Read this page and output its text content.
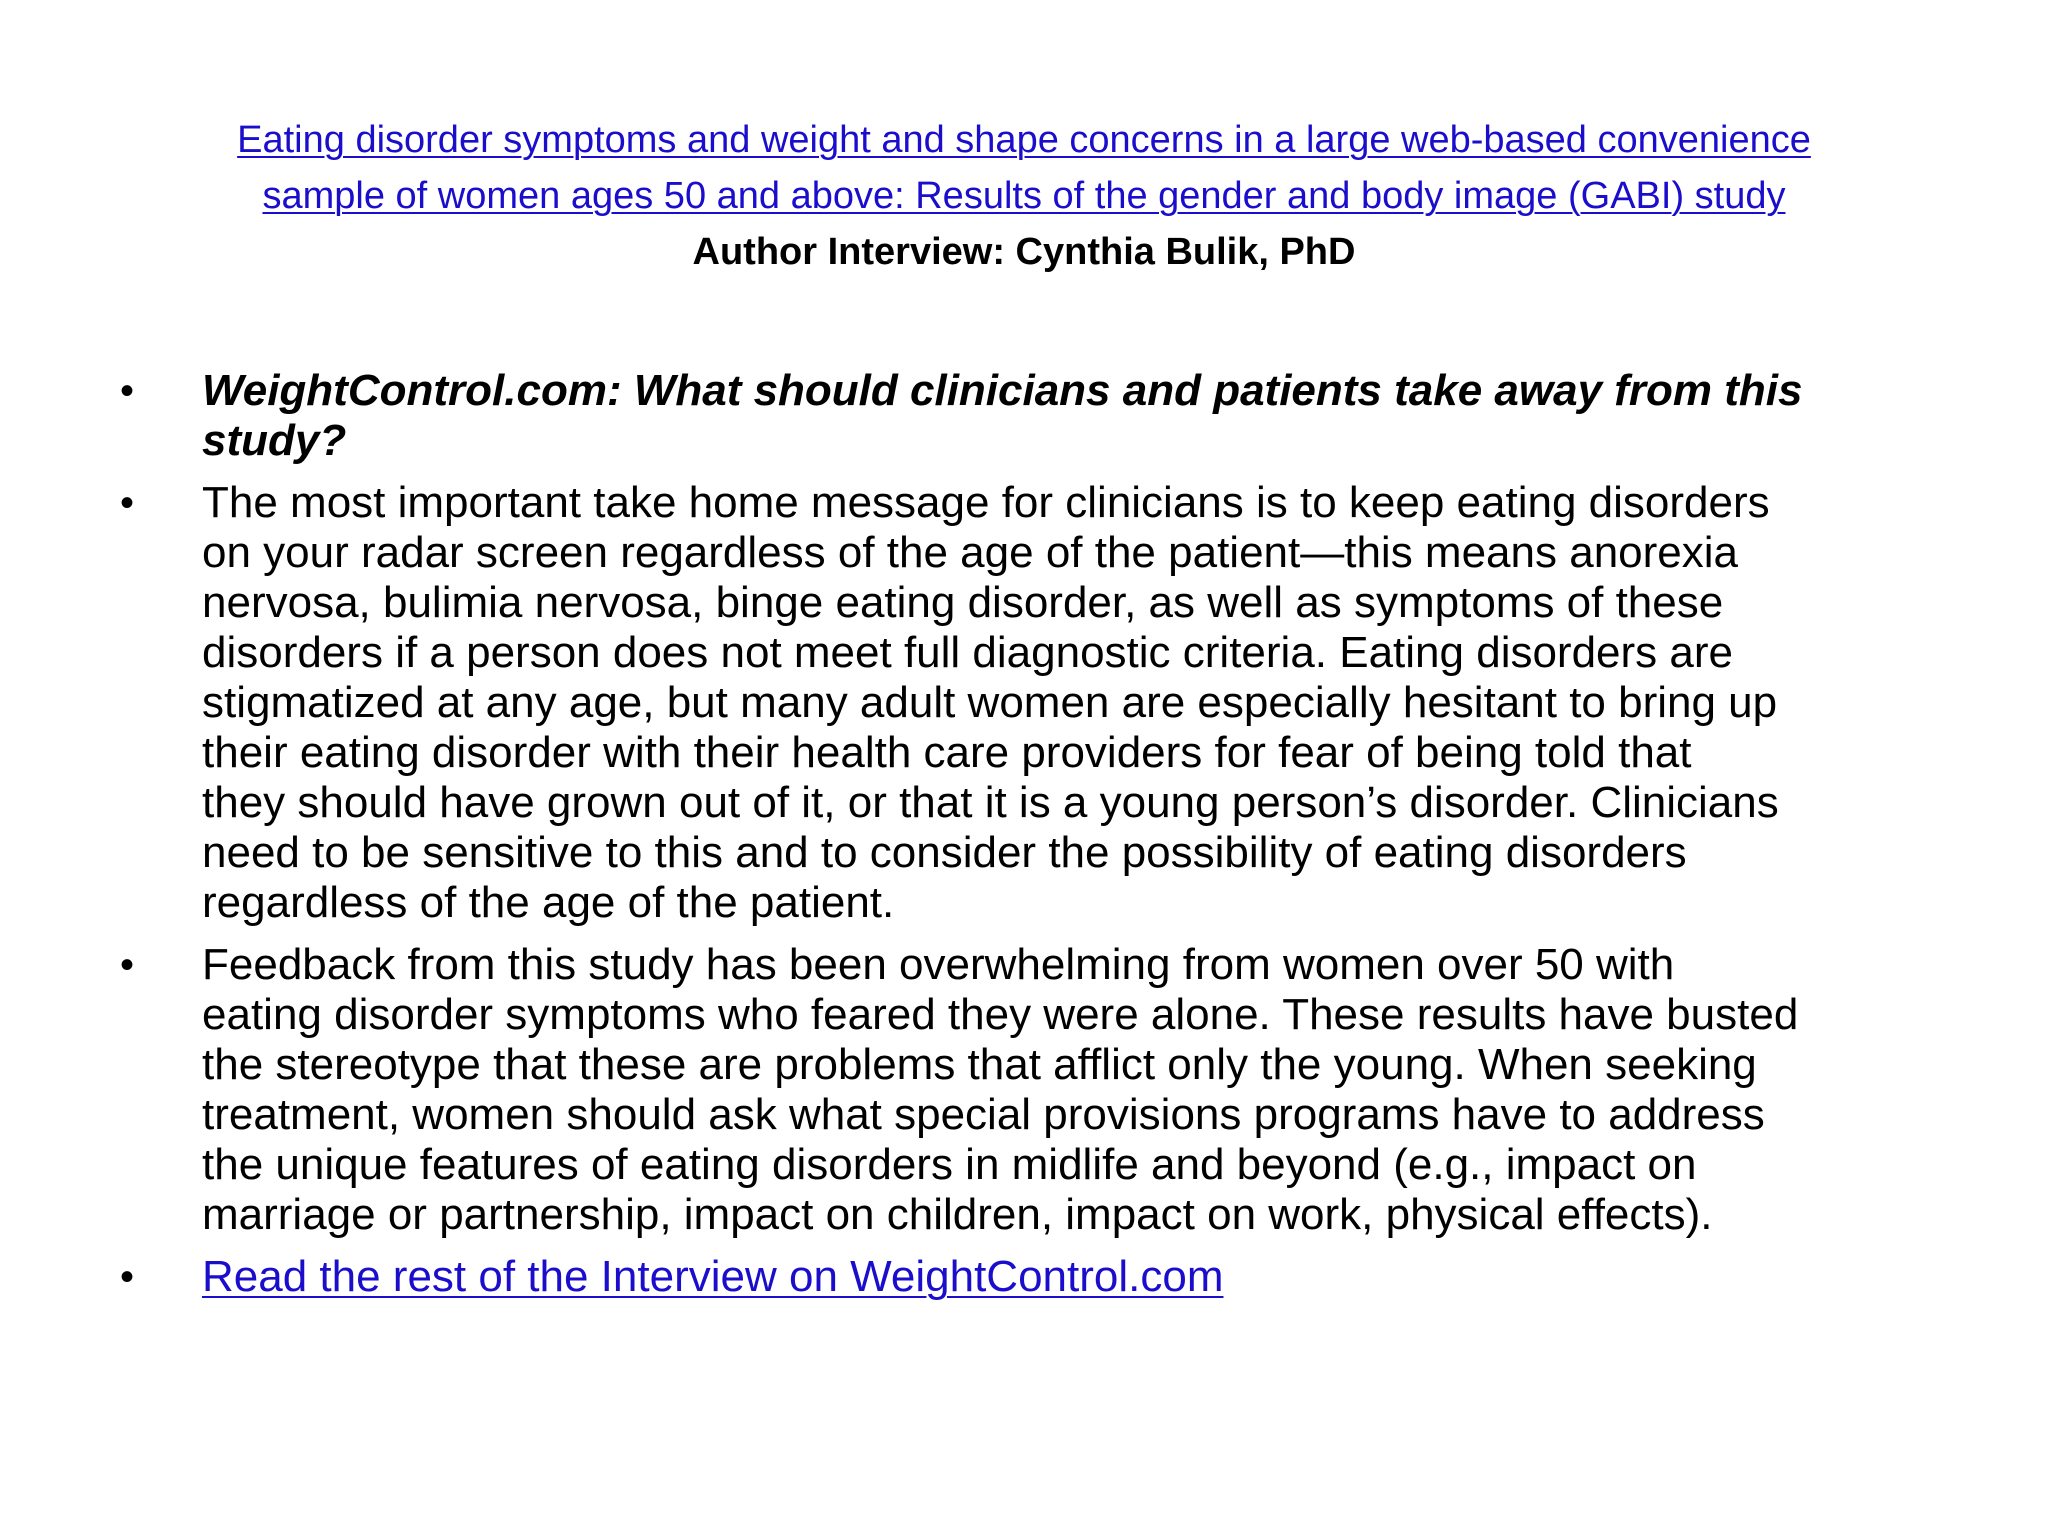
Eating disorder symptoms and weight and shape concerns in a large web-based convenience
sample of women ages 50 and above: Results of the gender and body image (GABI) study
Author Interview: Cynthia Bulik, PhD
• WeightControl.com: What should clinicians and patients take away from this
study?
• The most important take home message for clinicians is to keep eating disorders
on your radar screen regardless of the age of the patient—this means anorexia
nervosa, bulimia nervosa, binge eating disorder, as well as symptoms of these
disorders if a person does not meet full diagnostic criteria. Eating disorders are
stigmatized at any age, but many adult women are especially hesitant to bring up
their eating disorder with their health care providers for fear of being told that
they should have grown out of it, or that it is a young person’s disorder. Clinicians
need to be sensitive to this and to consider the possibility of eating disorders
regardless of the age of the patient.
• Feedback from this study has been overwhelming from women over 50 with
eating disorder symptoms who feared they were alone. These results have busted
the stereotype that these are problems that afflict only the young. When seeking
treatment, women should ask what special provisions programs have to address
the unique features of eating disorders in midlife and beyond (e.g., impact on
marriage or partnership, impact on children, impact on work, physical effects).
• Read the rest of the Interview on WeightControl.com
